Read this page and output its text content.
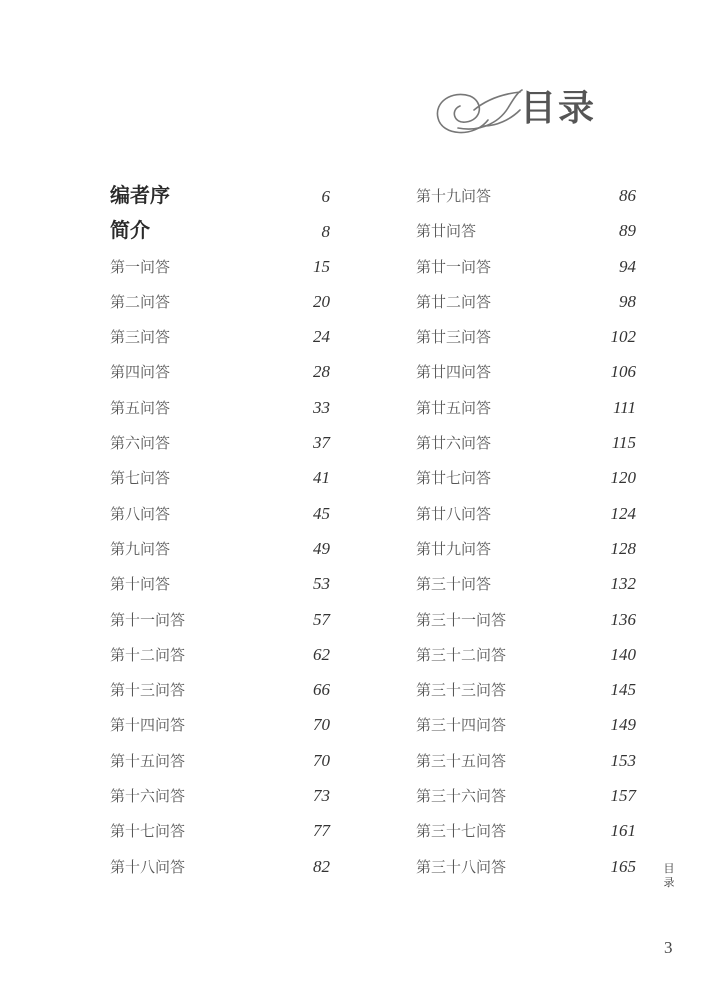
目录
编者序	6
简介	8
第一问答	15
第二问答	20
第三问答	24
第四问答	28
第五问答	33
第六问答	37
第七问答	41
第八问答	45
第九问答	49
第十问答	53
第十一问答	57
第十二问答	62
第十三问答	66
第十四问答	70
第十五问答	70
第十六问答	73
第十七问答	77
第十八问答	82
第十九问答	86
第廿问答	89
第廿一问答	94
第廿二问答	98
第廿三问答	102
第廿四问答	106
第廿五问答	111
第廿六问答	115
第廿七问答	120
第廿八问答	124
第廿九问答	128
第三十问答	132
第三十一问答	136
第三十二问答	140
第三十三问答	145
第三十四问答	149
第三十五问答	153
第三十六问答	157
第三十七问答	161
第三十八问答	165	目
录
3
